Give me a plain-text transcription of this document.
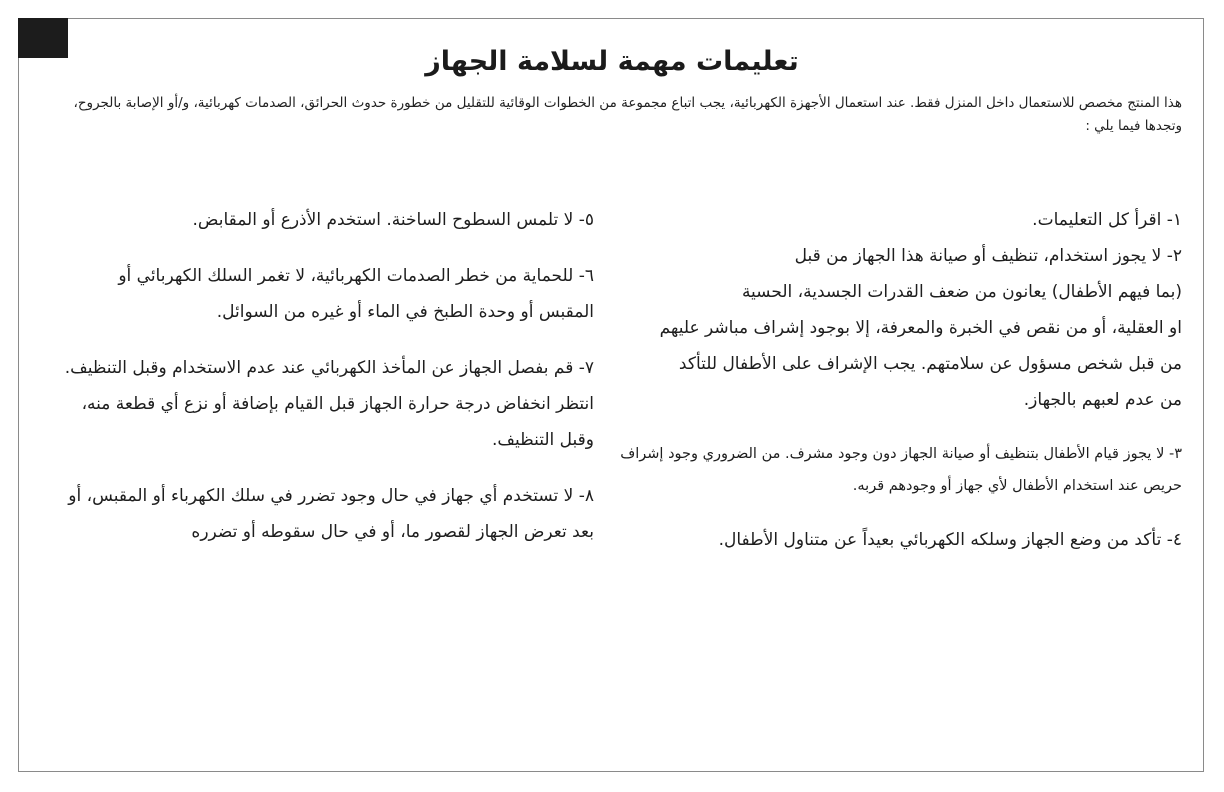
تعليمات مهمة لسلامة الجهاز
هذا المنتج مخصص للاستعمال داخل المنزل فقط. عند استعمال الأجهزة الكهربائية، يجب اتباع مجموعة من الخطوات الوقائية للتقليل من خطورة حدوث الحرائق، الصدمات كهربائية، و/أو الإصابة بالجروح، وتجدها فيما يلي :

١- اقرأ كل التعليمات.

٢- لا يجوز استخدام، تنظيف أو صيانة هذا الجهاز من قبل

(بما فيهم الأطفال) يعانون من ضعف القدرات الجسدية، الحسية

او العقلية، أو من نقص في الخبرة والمعرفة، إلا بوجود إشراف مباشر عليهم

من قبل شخص مسؤول عن سلامتهم. يجب الإشراف على الأطفال للتأكد

من عدم لعبهم بالجهاز.

٣- لا يجوز قيام الأطفال بتنظيف أو صيانة الجهاز دون وجود مشرف. من الضروري وجود إشراف حريص عند استخدام الأطفال لأي جهاز أو وجودهم قربه.

٤- تأكد من وضع الجهاز وسلكه الكهربائي بعيداً عن متناول الأطفال.

٥- لا تلمس السطوح الساخنة. استخدم الأذرع أو المقابض.

٦- للحماية من خطر الصدمات الكهربائية، لا تغمر السلك الكهربائي أو المقبس أو وحدة الطبخ في الماء أو غيره من السوائل.

٧- قم بفصل الجهاز عن المأخذ الكهربائي عند عدم الاستخدام وقبل التنظيف. انتظر انخفاض درجة حرارة الجهاز قبل القيام بإضافة أو نزع أي قطعة منه، وقبل التنظيف.

٨- لا تستخدم أي جهاز في حال وجود تضرر في سلك الكهرباء أو المقبس، أو بعد تعرض الجهاز لقصور ما، أو في حال سقوطه أو تضرره
